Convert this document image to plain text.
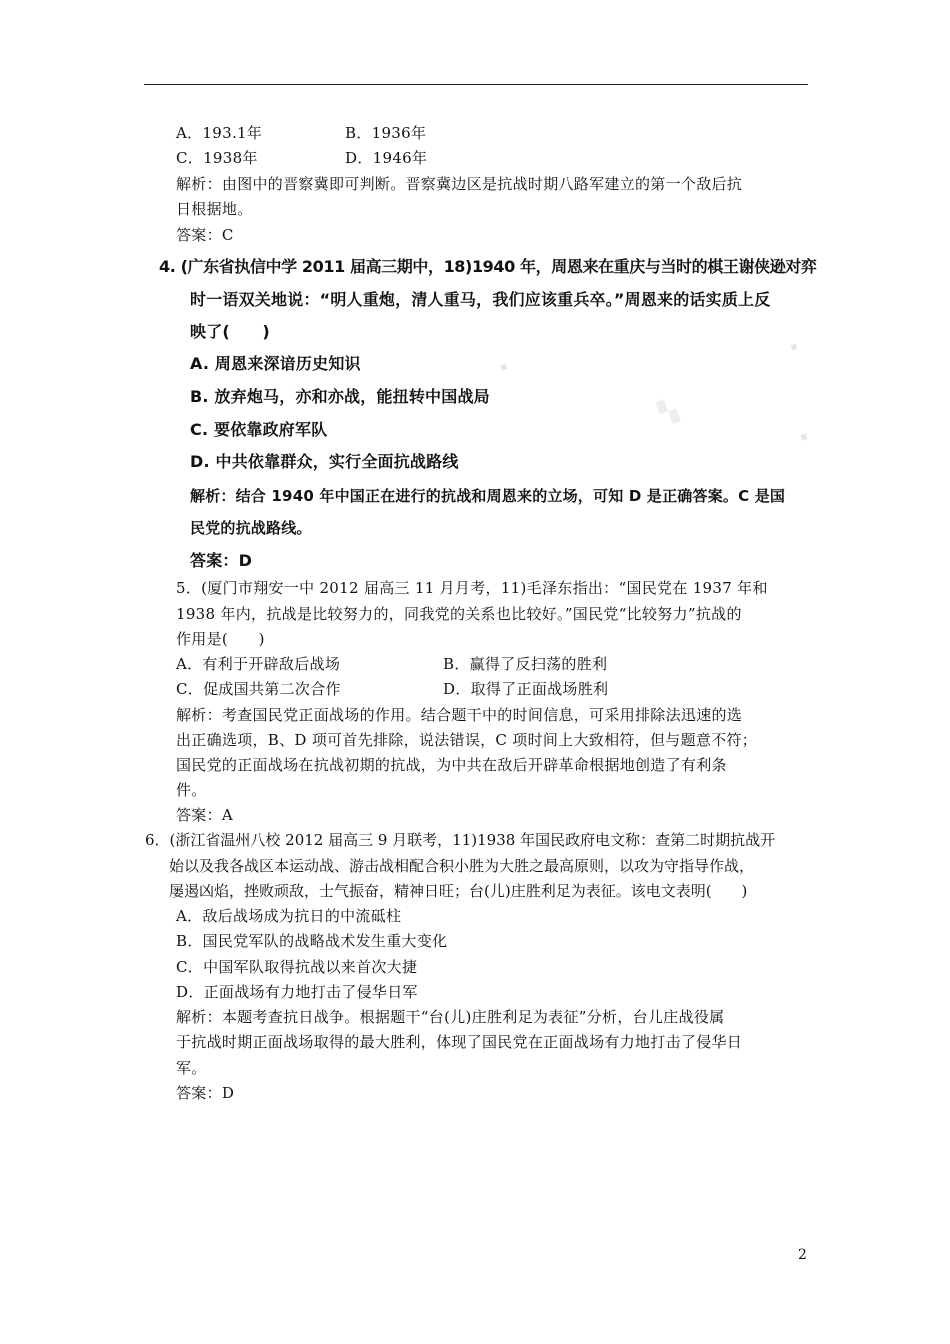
A．193.1年	B．1936年
C．1938年	D．1946年
解析：由图中的晋察冀即可判断。晋察冀边区是抗战时期八路军建立的第一个敌后抗
日根据地。
答案：C
4. (广东省执信中学 2011 届高三期中，18)1940 年，周恩来在重庆与当时的棋王谢侠逊对弈
时一语双关地说：“明人重炮，清人重马，我们应该重兵卒。”周恩来的话实质上反
映了(　　)
A. 周恩来深谙历史知识
B. 放弃炮马，亦和亦战，能扭转中国战局
C. 要依靠政府军队
D. 中共依靠群众，实行全面抗战路线
解析：结合 1940 年中国正在进行的抗战和周恩来的立场，可知 D 是正确答案。C 是国
民党的抗战路线。
答案：D
▪
▚
▪
▪
5．(厦门市翔安一中 2012 届高三 11 月月考，11)毛泽东指出：“国民党在 1937 年和
1938 年内，抗战是比较努力的，同我党的关系也比较好。”国民党“比较努力”抗战的
作用是(　　)
A．有利于开辟敌后战场	B．赢得了反扫荡的胜利
C．促成国共第二次合作	D．取得了正面战场胜利
解析：考查国民党正面战场的作用。结合题干中的时间信息，可采用排除法迅速的选
出正确选项，B、D 项可首先排除，说法错误，C 项时间上大致相符，但与题意不符；
国民党的正面战场在抗战初期的抗战，为中共在敌后开辟革命根据地创造了有利条
件。
答案：A
6．(浙江省温州八校 2012 届高三 9 月联考，11)1938 年国民政府电文称：查第二时期抗战开
始以及我各战区本运动战、游击战相配合积小胜为大胜之最高原则，以攻为守指导作战，
屡遏凶焰，挫败顽敌，士气振奋，精神日旺；台(儿)庄胜利足为表征。该电文表明(　　)
A．敌后战场成为抗日的中流砥柱
B．国民党军队的战略战术发生重大变化
C．中国军队取得抗战以来首次大捷
D．正面战场有力地打击了侵华日军
解析：本题考查抗日战争。根据题干“台(儿)庄胜利足为表征”分析，台儿庄战役属
于抗战时期正面战场取得的最大胜利，体现了国民党在正面战场有力地打击了侵华日
军。
答案：D
2
